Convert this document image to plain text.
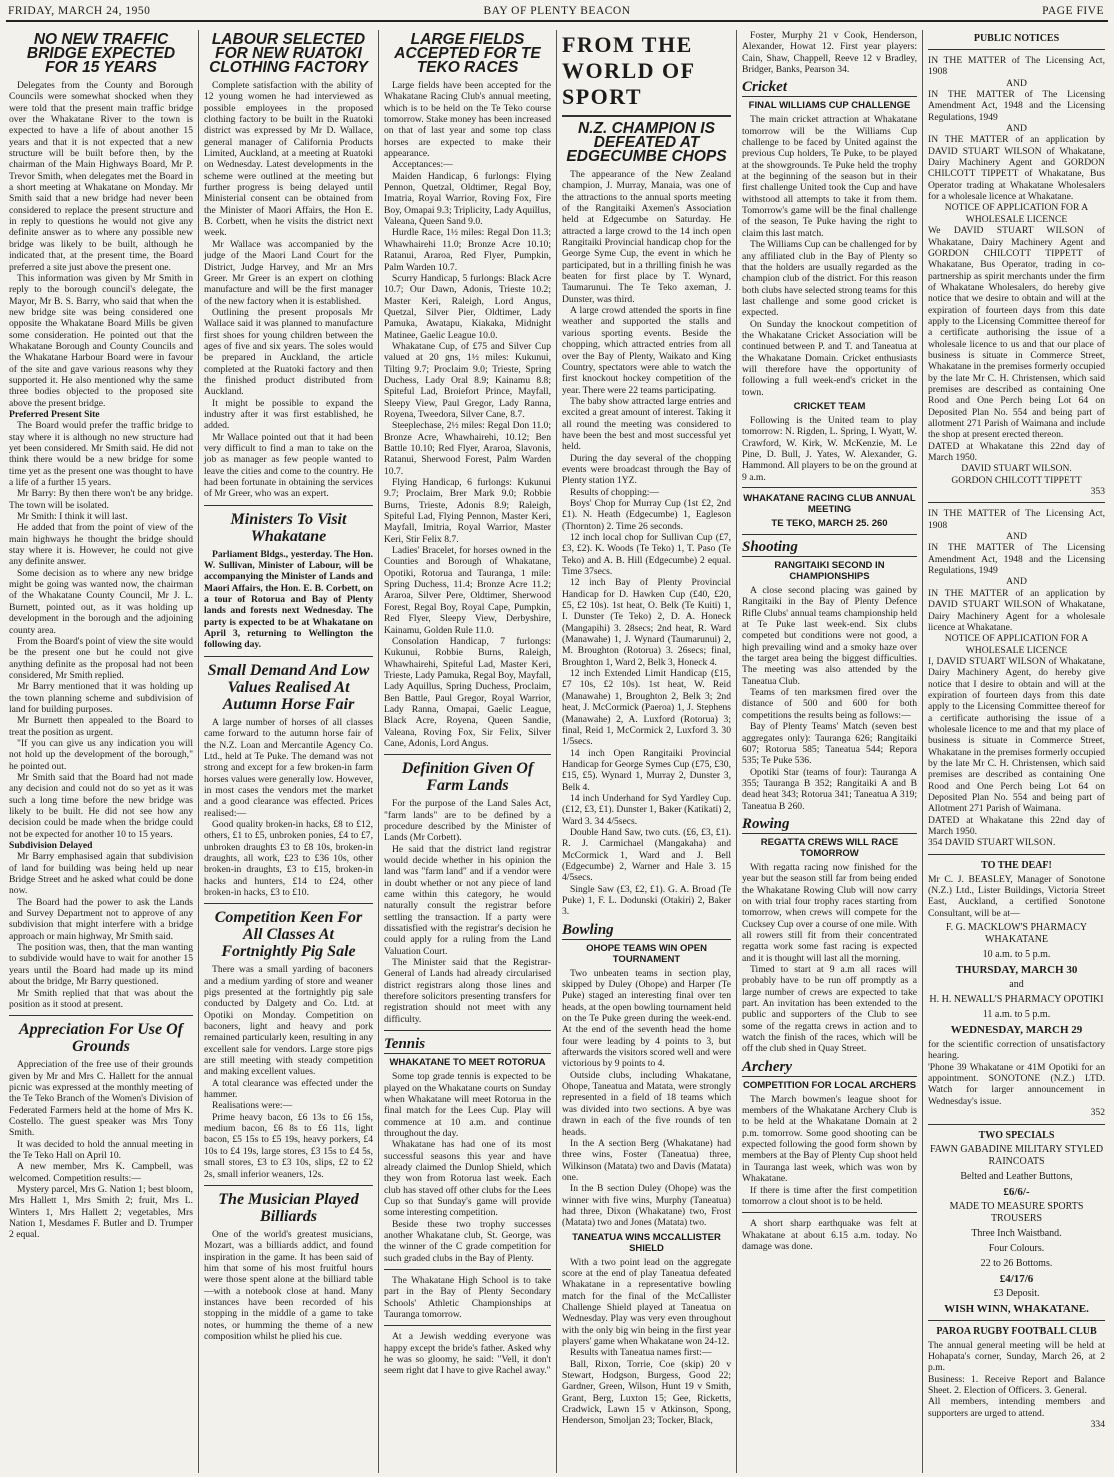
FRIDAY, MARCH 24, 1950	BAY OF PLENTY BEACON	PAGE FIVE
NO NEW TRAFFIC BRIDGE EXPECTED FOR 15 YEARS

Delegates from the County and Borough Councils were somewhat shocked when they were told that the present main traffic bridge over the Whakatane River to the town is expected to have a life of about another 15 years and that it is not expected that a new structure will be built before then, by the chairman of the Main Highways Board, Mr P. Trevor Smith, when delegates met the Board in a short meeting at Whakatane on Monday. Mr Smith said that a new bridge had never been considered to replace the present structure and in reply to questions he would not give any definite answer as to where any possible new bridge was likely to be built, although he indicated that, at the present time, the Board preferred a site just above the present one.

This information was given by Mr Smith in reply to the borough council's delegate, the Mayor, Mr B. S. Barry, who said that when the new bridge site was being considered one opposite the Whakatane Board Mills be given some consideration. He pointed out that the Whakatane Borough and County Councils and the Whakatane Harbour Board were in favour of the site and gave various reasons why they supported it. He also mentioned why the same three bodies objected to the proposed site above the present bridge.

Preferred Present Site

The Board would prefer the traffic bridge to stay where it is although no new structure had yet been considered. Mr Smith said. He did not think there would be a new bridge for some time yet as the present one was thought to have a life of a further 15 years.

Mr Barry: By then there won't be any bridge. The town will be isolated.

Mr Smith: I think it will last.

He added that from the point of view of the main highways he thought the bridge should stay where it is. However, he could not give any definite answer.

Some decision as to where any new bridge might be going was wanted now, the chairman of the Whakatane County Council, Mr J. L. Burnett, pointed out, as it was holding up development in the borough and the adjoining county area.

From the Board's point of view the site would be the present one but he could not give anything definite as the proposal had not been considered, Mr Smith replied.

Mr Barry mentioned that it was holding up the town planning scheme and subdivision of land for building purposes.

Mr Burnett then appealed to the Board to treat the position as urgent.

"If you can give us any indication you will not hold up the development of the borough," he pointed out.

Mr Smith said that the Board had not made any decision and could not do so yet as it was such a long time before the new bridge was likely to be built. He did not see how any decision could be made when the bridge could not be expected for another 10 to 15 years.

Subdivision Delayed

Mr Barry emphasised again that subdivision of land for building was being held up near Bridge Street and he asked what could be done now.

The Board had the power to ask the Lands and Survey Department not to approve of any subdivision that might interfere with a bridge approach or main highway, Mr Smith said.

The position was, then, that the man wanting to subdivide would have to wait for another 15 years until the Board had made up its mind about the bridge, Mr Barry questioned.

Mr Smith replied that that was about the position as it stood at present.

Appreciation For Use Of Grounds

Appreciation of the free use of their grounds given by Mr and Mrs C. Hallett for the annual picnic was expressed at the monthly meeting of the Te Teko Branch of the Women's Division of Federated Farmers held at the home of Mrs K. Costello. The guest speaker was Mrs Tony Smith.

It was decided to hold the annual meeting in the Te Teko Hall on April 10.

A new member, Mrs K. Campbell, was welcomed. Competition results:—

Mystery parcel, Mrs G. Nation 1; best bloom, Mrs Hallett 1, Mrs Smith 2; fruit, Mrs L. Winters 1, Mrs Hallett 2; vegetables, Mrs Nation 1, Mesdames F. Butler and D. Trumper 2 equal.

LABOUR SELECTED FOR NEW RUATOKI CLOTHING FACTORY

Complete satisfaction with the ability of 12 young women he had interviewed as possible employees in the proposed clothing factory to be built in the Ruatoki district was expressed by Mr D. Wallace, general manager of California Products Limited, Auckland, at a meeting at Ruatoki on Wednesday. Latest developments in the scheme were outlined at the meeting but further progress is being delayed until Ministerial consent can be obtained from the Minister of Maori Affairs, the Hon E. B. Corbett, when he visits the district next week.

Mr Wallace was accompanied by the judge of the Maori Land Court for the District, Judge Harvey, and Mr an Mrs Greer. Mr Greer is an expert on clothing manufacture and will be the first manager of the new factory when it is established.

Outlining the present proposals Mr Wallace said it was planned to manufacture first shoes for young children between the ages of five and six years. The soles would be prepared in Auckland, the article completed at the Ruatoki factory and then the finished product distributed from Auckland.

It might be possible to expand the industry after it was first established, he added.

Mr Wallace pointed out that it had been very difficult to find a man to take on the job as manager as few people wanted to leave the cities and come to the country. He had been fortunate in obtaining the services of Mr Greer, who was an expert.

Ministers To Visit Whakatane

Parliament Bldgs., yesterday. The Hon. W. Sullivan, Minister of Labour, will be accompanying the Minister of Lands and Maori Affairs, the Hon. E. B. Corbett, on a tour of Rotorua and Bay of Plenty lands and forests next Wednesday. The party is expected to be at Whakatane on April 3, returning to Wellington the following day.

Small Demand And Low Values Realised At Autumn Horse Fair

A large number of horses of all classes came forward to the autumn horse fair of the N.Z. Loan and Mercantile Agency Co. Ltd., held at Te Puke. The demand was not strong and except for a few broken-in farm horses values were generally low. However, in most cases the vendors met the market and a good clearance was effected. Prices realised:—

Good quality broken-in hacks, £8 to £12, others, £1 to £5, unbroken ponies, £4 to £7, unbroken draughts £3 to £8 10s, broken-in draughts, all work, £23 to £36 10s, other broken-in draughts, £3 to £15, broken-in hacks and hunters, £14 to £24, other broken-in hacks, £3 to £10.

Competition Keen For All Classes At Fortnightly Pig Sale

There was a small yarding of baconers and a medium yarding of store and weaner pigs presented at the fortnightly pig sale conducted by Dalgety and Co. Ltd. at Opotiki on Monday. Competition on baconers, light and heavy and pork remained particularly keen, resulting in any excellent sale for vendors. Large store pigs are still meeting with steady competition and making excellent values.

A total clearance was effected under the hammer.

Realisations were:—

Prime heavy bacon, £6 13s to £6 15s, medium bacon, £6 8s to £6 11s, light bacon, £5 15s to £5 19s, heavy porkers, £4 10s to £4 19s, large stores, £3 15s to £4 5s, small stores, £3 to £3 10s, slips, £2 to £2 2s, small inferior weaners, 12s.

The Musician Played Billiards

One of the world's greatest musicians, Mozart, was a billiards addict, and found inspiration in the game. It has been said of him that some of his most fruitful hours were those spent alone at the billiard table—with a notebook close at hand. Many instances have been recorded of his stopping in the middle of a game to take notes, or humming the theme of a new composition whilst he plied his cue.

LARGE FIELDS ACCEPTED FOR TE TEKO RACES

Large fields have been accepted for the Whakatane Racing Club's annual meeting, which is to be held on the Te Teko course tomorrow. Stake money has been increased on that of last year and some top class horses are expected to make their appearance.

Acceptances:—

Maiden Handicap, 6 furlongs: Flying Pennon, Quetzal, Oldtimer, Regal Boy, Imatria, Royal Warrior, Roving Fox, Fire Boy, Omapai 9.3; Triplicity, Lady Aquillus, Valeana, Queen Sand 9.0.

Hurdle Race, 1½ miles: Regal Don 11.3; Whawhairehi 11.0; Bronze Acre 10.10; Ratanui, Araroa, Red Flyer, Pumpkin, Palm Warden 10.7.

Scurry Handicap, 5 furlongs: Black Acre 10.7; Our Dawn, Adonis, Trieste 10.2; Master Keri, Raleigh, Lord Angus, Quetzal, Silver Pier, Oldtimer, Lady Pamuka, Awatapu, Kiakaka, Midnight Matinee, Gaelic League 10.0.

Whakatane Cup, of £75 and Silver Cup valued at 20 gns, 1½ miles: Kukunui, Tilting 9.7; Proclaim 9.0; Trieste, Spring Duchess, Lady Oral 8.9; Kainamu 8.8; Spiteful Lad, Broiefort Prince, Mayfall, Sleepy View, Paul Gregor, Lady Ranna, Royena, Tweedora, Silver Cane, 8.7.

Steeplechase, 2½ miles: Regal Don 11.0; Bronze Acre, Whawhairehi, 10.12; Ben Battle 10.10; Red Flyer, Araroa, Slavonis, Ratanui, Sherwood Forest, Palm Warden 10.7.

Flying Handicap, 6 furlongs: Kukunui 9.7; Proclaim, Brer Mark 9.0; Robbie Burns, Trieste, Adonis 8.9; Raleigh, Spiteful Lad, Flying Pennon, Master Keri, Mayfall, Imitria, Royal Warrior, Master Keri, Stir Felix 8.7.

Ladies' Bracelet, for horses owned in the Counties and Borough of Whakatane, Opotiki, Rotorua and Tauranga, 1 mile: Spring Duchess, 11.4; Bronze Acre 11.2; Araroa, Silver Pere, Oldtimer, Sherwood Forest, Regal Boy, Royal Cape, Pumpkin, Red Flyer, Sleepy View, Derbyshire, Kainamu, Golden Rule 11.0.

Consolation Handicap, 7 furlongs: Kukunui, Robbie Burns, Raleigh, Whawhairehi, Spiteful Lad, Master Keri, Trieste, Lady Pamuka, Regal Boy, Mayfall, Lady Aquillus, Spring Duchess, Proclaim, Ben Battle, Paul Gregor, Royal Warrior, Lady Ranna, Omapai, Gaelic League, Black Acre, Royena, Queen Sandie, Valeana, Roving Fox, Sir Felix, Silver Cane, Adonis, Lord Angus.

Definition Given Of Farm Lands

For the purpose of the Land Sales Act, "farm lands" are to be defined by a procedure described by the Minister of Lands (Mr Corbett).

He said that the district land registrar would decide whether in his opinion the land was "farm land" and if a vendor were in doubt whether or not any piece of land came within this category, he would naturally consult the registrar before settling the transaction. If a party were dissatisfied with the registrar's decision he could apply for a ruling from the Land Valuation Court.

The Minister said that the Registrar-General of Lands had already circularised district registrars along those lines and therefore solicitors presenting transfers for registration should not meet with any difficulty.

Tennis
WHAKATANE TO MEET ROTORUA

Some top grade tennis is expected to be played on the Whakatane courts on Sunday when Whakatane will meet Rotorua in the final match for the Lees Cup. Play will commence at 10 a.m. and continue throughout the day.

Whakatane has had one of its most successful seasons this year and have already claimed the Dunlop Shield, which they won from Rotorua last week. Each club has staved off other clubs for the Lees Cup so that Sunday's game will provide some interesting competition.

Beside these two trophy successes another Whakatane club, St. George, was the winner of the C grade competition for such graded clubs in the Bay of Plenty.

The Whakatane High School is to take part in the Bay of Plenty Secondary Schools' Athletic Championships at Tauranga tomorrow.

At a Jewish wedding everyone was happy except the bride's father. Asked why he was so gloomy, he said: "Vell, it don't seem right dat I have to give Rachel away."

FROM THE WORLD OF SPORT
N.Z. CHAMPION IS DEFEATED AT EDGECUMBE CHOPS

The appearance of the New Zealand champion, J. Murray, Manaia, was one of the attractions to the annual sports meeting of the Rangitaiki Axemen's Association held at Edgecumbe on Saturday. He attracted a large crowd to the 14 inch open Rangitaiki Provincial handicap chop for the George Syme Cup, the event in which he participated, but in a thrilling finish he was beaten for first place by T. Wynard, Taumarunui. The Te Teko axeman, J. Dunster, was third.

A large crowd attended the sports in fine weather and supported the stalls and various sporting events. Beside the chopping, which attracted entries from all over the Bay of Plenty, Waikato and King Country, spectators were able to watch the first knockout hockey competition of the year. There were 22 teams participating.

The baby show attracted large entries and excited a great amount of interest. Taking it all round the meeting was considered to have been the best and most successful yet held.

During the day several of the chopping events were broadcast through the Bay of Plenty station 1YZ.

Results of chopping:—

Boys' Chop for Murray Cup (1st £2, 2nd £1). N. Heath (Edgecumbe) 1, Eagleson (Thornton) 2. Time 26 seconds.

12 inch local chop for Sullivan Cup (£7, £3, £2). K. Woods (Te Teko) 1, T. Paso (Te Teko) and A. B. Hill (Edgecumbe) 2 equal. Time 37secs.

12 inch Bay of Plenty Provincial Handicap for D. Hawken Cup (£40, £20, £5, £2 10s). 1st heat, O. Belk (Te Kuiti) 1, I. Dunster (Te Teko) 2, D. A. Honeck (Mangapihi) 3. 28secs; 2nd heat, R. Ward (Manawahe) 1, J. Wynard (Taumarunui) 2, M. Broughton (Rotorua) 3. 26secs; final, Broughton 1, Ward 2, Belk 3, Honeck 4.

12 inch Extended Limit Handicap (£15, £7 10s, £2 10s). 1st heat, W. Reid (Manawahe) 1, Broughton 2, Belk 3; 2nd heat, J. McCormick (Paeroa) 1, J. Stephens (Manawahe) 2, A. Luxford (Rotorua) 3; final, Reid 1, McCormick 2, Luxford 3. 30 1/5secs.

14 inch Open Rangitaiki Provincial Handicap for George Symes Cup (£75, £30, £15, £5). Wynard 1, Murray 2, Dunster 3, Belk 4.

14 inch Underhand for Syd Yardley Cup. (£12, £3, £1). Dunster 1, Baker (Katikati) 2, Ward 3. 34 4/5secs.

Double Hand Saw, two cuts. (£6, £3, £1). R. J. Carmichael (Mangakaha) and McCormick 1, Ward and J. Bell (Edgecumbe) 2, Warner and Hale 3. 15 4/5secs.

Single Saw (£3, £2, £1). G. A. Broad (Te Puke) 1, F. L. Dodunski (Otakiri) 2, Baker 3.

Bowling
OHOPE TEAMS WIN OPEN TOURNAMENT

Two unbeaten teams in section play, skipped by Duley (Ohope) and Harper (Te Puke) staged an interesting final over ten heads, at the open bowling tournament held on the Te Puke green during the week-end. At the end of the seventh head the home four were leading by 4 points to 3, but afterwards the visitors scored well and were victorious by 9 points to 4.

Outside clubs, including Whakatane, Ohope, Taneatua and Matata, were strongly represented in a field of 18 teams which was divided into two sections. A bye was drawn in each of the five rounds of ten heads.

In the A section Berg (Whakatane) had three wins, Foster (Taneatua) three, Wilkinson (Matata) two and Davis (Matata) one.

In the B section Duley (Ohope) was the winner with five wins, Murphy (Taneatua) had three, Dixon (Whakatane) two, Frost (Matata) two and Jones (Matata) two.

TANEATUA WINS MCCALLISTER SHIELD

With a two point lead on the aggregate score at the end of play Taneatua defeated Whakatane in a representative bowling match for the final of the McCallister Challenge Shield played at Taneatua on Wednesday. Play was very even throughout with the only big win being in the first year players' game when Whakatane won 24-12.

Results with Taneatua names first:—

Ball, Rixon, Torrie, Coe (skip) 20 v Stewart, Hodgson, Burgess, Good 22; Gardner, Green, Wilson, Hunt 19 v Smith, Grant, Berg, Luxton 15; Gee, Ricketts, Cradwick, Lawn 15 v Atkinson, Spong, Henderson, Smoljan 23; Tocker, Black,

Foster, Murphy 21 v Cook, Henderson, Alexander, Howat 12. First year players: Cain, Shaw, Chappell, Reeve 12 v Bradley, Bridger, Banks, Pearson 34.

Cricket
FINAL WILLIAMS CUP CHALLENGE

The main cricket attraction at Whakatane tomorrow will be the Williams Cup challenge to be faced by United against the previous Cup holders, Te Puke, to be played at the showgrounds. Te Puke held the trophy at the beginning of the season but in their first challenge United took the Cup and have withstood all attempts to take it from them. Tomorrow's game will be the final challenge of the season, Te Puke having the right to claim this last match.

The Williams Cup can be challenged for by any affiliated club in the Bay of Plenty so that the holders are usually regarded as the champion club of the district. For this reason both clubs have selected strong teams for this last challenge and some good cricket is expected.

On Sunday the knockout competition of the Whakatane Cricket Association will be continued between P. and T. and Taneatua at the Whakatane Domain. Cricket enthusiasts will therefore have the opportunity of following a full week-end's cricket in the town.

CRICKET TEAM

Following is the United team to play tomorrow: N. Rigden, L. Spring, I. Wyatt, W. Crawford, W. Kirk, W. McKenzie, M. Le Pine, D. Bull, J. Yates, W. Alexander, G. Hammond. All players to be on the ground at 9 a.m.

WHAKATANE RACING CLUB ANNUAL MEETING
TE TEKO, MARCH 25. 260
Shooting
RANGITAIKI SECOND IN CHAMPIONSHIPS

A close second placing was gained by Rangitaiki in the Bay of Plenty Defence Rifle Clubs' annual teams championship held at Te Puke last week-end. Six clubs competed but conditions were not good, a high prevailing wind and a smoky haze over the target area being the biggest difficulties. The meeting was also attended by the Taneatua Club.

Teams of ten marksmen fired over the distance of 500 and 600 for both competitions the results being as follows:—

Bay of Plenty Teams' Match (seven best aggregates only): Tauranga 626; Rangitaiki 607; Rotorua 585; Taneatua 544; Repora 535; Te Puke 536.

Opotiki Star (teams of four): Tauranga A 355; Tauranga B 352; Rangitaiki A and B dead heat 343; Rotorua 341; Taneatua A 319; Taneatua B 260.

Rowing
REGATTA CREWS WILL RACE TOMORROW

With regatta racing now finished for the year but the season still far from being ended the Whakatane Rowing Club will now carry on with trial four trophy races starting from tomorrow, when crews will compete for the Cucksey Cup over a course of one mile. With all rowers still fit from their concentrated regatta work some fast racing is expected and it is thought will last all the morning.

Timed to start at 9 a.m all races will probably have to be run off promptly as a large number of crews are expected to take part. An invitation has been extended to the public and supporters of the Club to see some of the regatta crews in action and to watch the finish of the races, which will be off the club shed in Quay Street.

Archery
COMPETITION FOR LOCAL ARCHERS

The March bowmen's league shoot for members of the Whakatane Archery Club is to be held at the Whakatane Domain at 2 p.m. tomorrow. Some good shooting can be expected following the good form shown by members at the Bay of Plenty Cup shoot held in Tauranga last week, which was won by Whakatane.

If there is time after the first competition tomorrow a clout shoot is to be held.

A short sharp earthquake was felt at Whakatane at about 6.15 a.m. today. No damage was done.

PUBLIC NOTICES

IN THE MATTER of The Licensing Act, 1908

AND

IN THE MATTER of The Licensing Amendment Act, 1948 and the Licensing Regulations, 1949

AND

IN THE MATTER of an application by DAVID STUART WILSON of Whakatane, Dairy Machinery Agent and GORDON CHILCOTT TIPPETT of Whakatane, Bus Operator trading at Whakatane Wholesalers for a wholesale licence at Whakatane.

NOTICE OF APPLICATION FOR A WHOLESALE LICENCE

We DAVID STUART WILSON of Whakatane, Dairy Machinery Agent and GORDON CHILCOTT TIPPETT of Whakatane, Bus Operator, trading in co-partnership as spirit merchants under the firm of Whakatane Wholesalers, do hereby give notice that we desire to obtain and will at the expiration of fourteen days from this date apply to the Licensing Committee thereof for a certificate authorising the issue of a wholesale licence to us and that our place of business is situate in Commerce Street, Whakatane in the premises formerly occupied by the late Mr C. H. Christensen, which said premises are described as containing One Rood and One Perch being Lot 64 on Deposited Plan No. 554 and being part of allotment 271 Parish of Waimana and include the shop at present erected thereon.

DATED at Whakatane this 22nd day of March 1950.

DAVID STUART WILSON.

GORDON CHILCOTT TIPPETT

353

IN THE MATTER of The Licensing Act, 1908

AND

IN THE MATTER of The Licensing Amendment Act, 1948 and the Licensing Regulations, 1949

AND

IN THE MATTER of an application by DAVID STUART WILSON of Whakatane, Dairy Machinery Agent for a wholesale licence at Whakatane.

NOTICE OF APPLICATION FOR A WHOLESALE LICENCE

I, DAVID STUART WILSON of Whakatane, Dairy Machinery Agent, do hereby give notice that I desire to obtain and will at the expiration of fourteen days from this date apply to the Licensing Committee thereof for a certificate authorising the issue of a wholesale licence to me and that my place of business is situate in Commerce Street, Whakatane in the premises formerly occupied by the late Mr C. H. Christensen, which said premises are described as containing One Rood and One Perch being Lot 64 on Deposited Plan No. 554 and being part of Allotment 271 Parish of Waimana.

DATED at Whakatane this 22nd day of March 1950.

354 DAVID STUART WILSON.

TO THE DEAF!

Mr C. J. BEASLEY, Manager of Sonotone (N.Z.) Ltd., Lister Buildings, Victoria Street East, Auckland, a certified Sonotone Consultant, will be at—

F. G. MACKLOW'S PHARMACY WHAKATANE
10 a.m. to 5 p.m.
THURSDAY, MARCH 30
and
H. H. NEWALL'S PHARMACY OPOTIKI
11 a.m. to 5 p.m.
WEDNESDAY, MARCH 29

for the scientific correction of unsatisfactory hearing.

'Phone 39 Whakatane or 41M Opotiki for an appointment. SONOTONE (N.Z.) LTD. Watch for larger announcement in Wednesday's issue.

352

TWO SPECIALS
FAWN GABADINE MILITARY STYLED RAINCOATS
Belted and Leather Buttons,
£6/6/-
MADE TO MEASURE SPORTS TROUSERS
Three Inch Waistband.
Four Colours.
22 to 26 Bottoms.
£4/17/6
£3 Deposit.
WISH WINN, WHAKATANE.
PAROA RUGBY FOOTBALL CLUB

The annual general meeting will be held at Hohapata's corner, Sunday, March 26, at 2 p.m.

Business: 1. Receive Report and Balance Sheet. 2. Election of Officers. 3. General.

All members, intending members and supporters are urged to attend.

334
